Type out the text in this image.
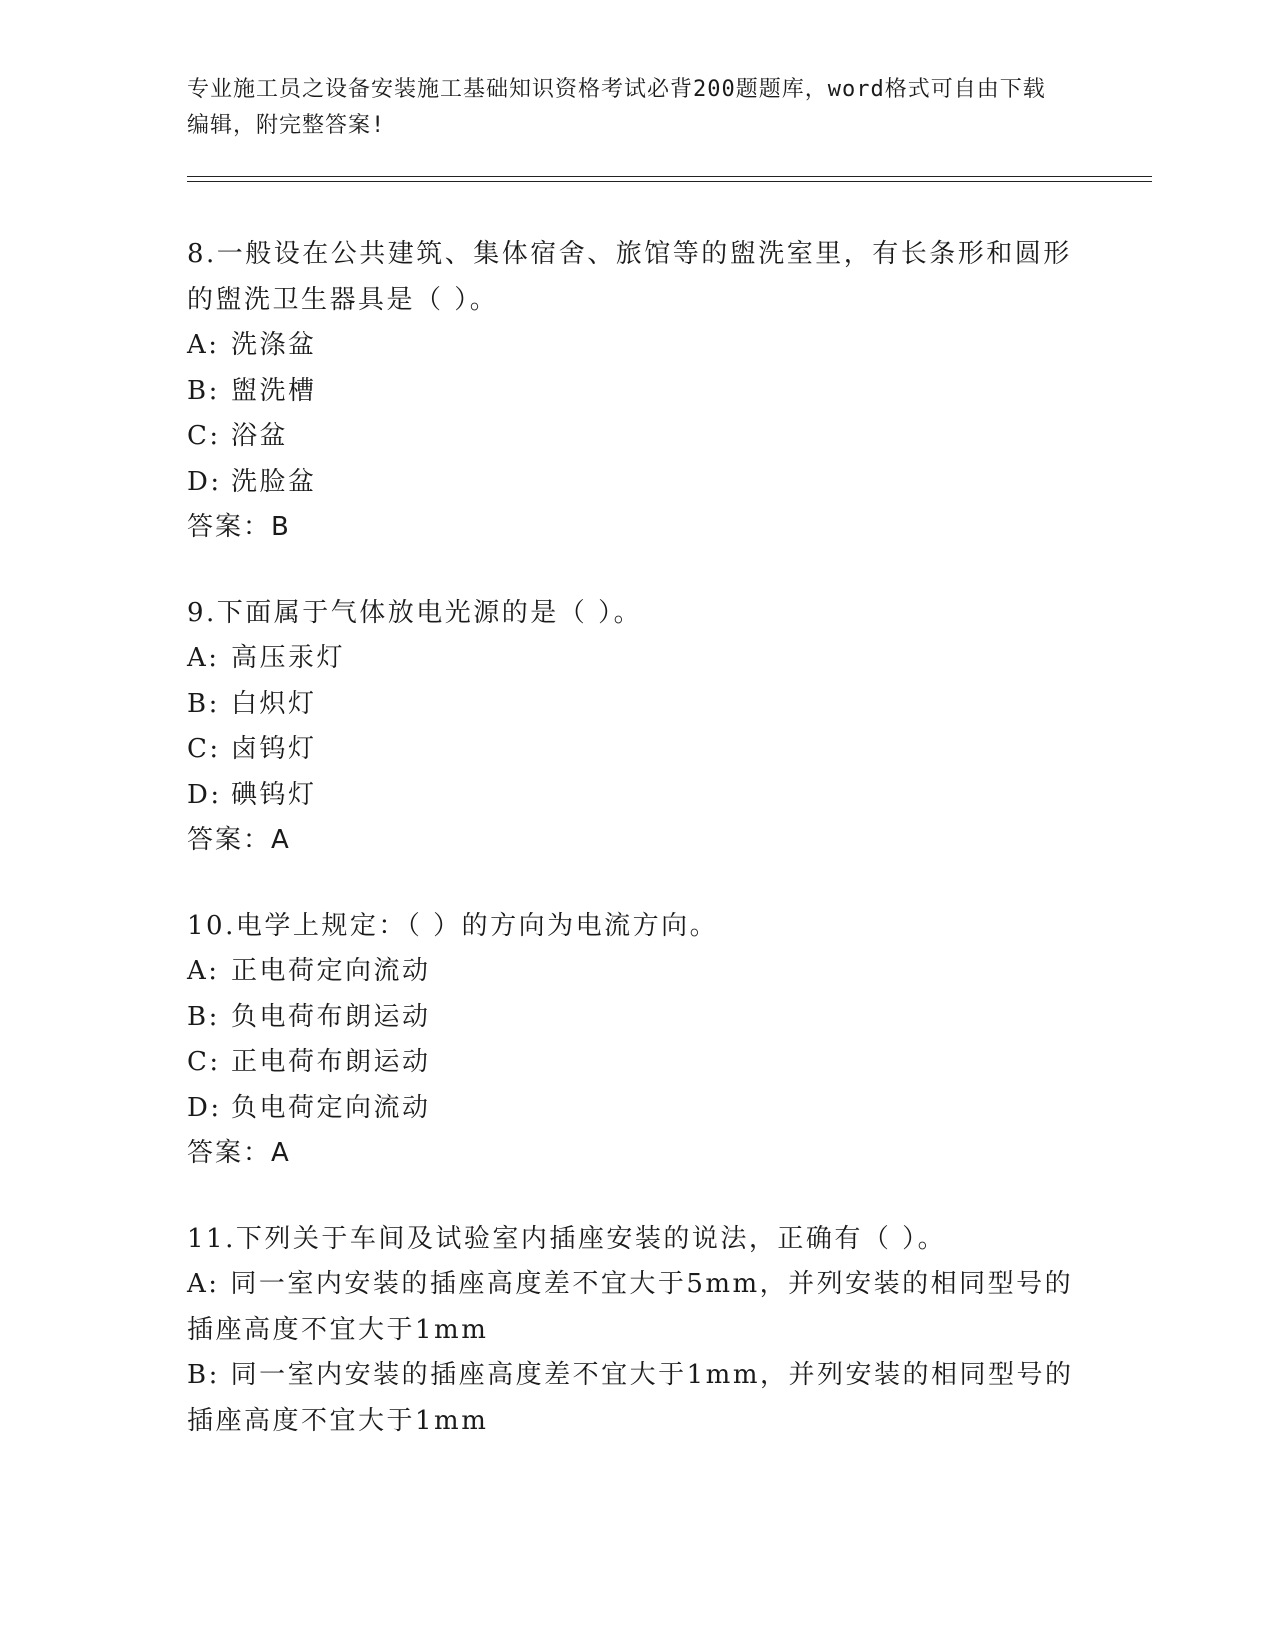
专业施工员之设备安装施工基础知识资格考试必背200题题库，word格式可自由下载编辑，附完整答案!
8.一般设在公共建筑、集体宿舍、旅馆等的盥洗室里，有长条形和圆形的盥洗卫生器具是（ ）。
A: 洗涤盆
B: 盥洗槽
C: 浴盆
D: 洗脸盆
答案：B
9.下面属于气体放电光源的是（ ）。
A: 高压汞灯
B: 白炽灯
C: 卤钨灯
D: 碘钨灯
答案：A
10.电学上规定：（ ）的方向为电流方向。
A: 正电荷定向流动
B: 负电荷布朗运动
C: 正电荷布朗运动
D: 负电荷定向流动
答案：A
11.下列关于车间及试验室内插座安装的说法，正确有（ ）。
A: 同一室内安装的插座高度差不宜大于5mm，并列安装的相同型号的插座高度不宜大于1mm
B: 同一室内安装的插座高度差不宜大于1mm，并列安装的相同型号的插座高度不宜大于1mm
